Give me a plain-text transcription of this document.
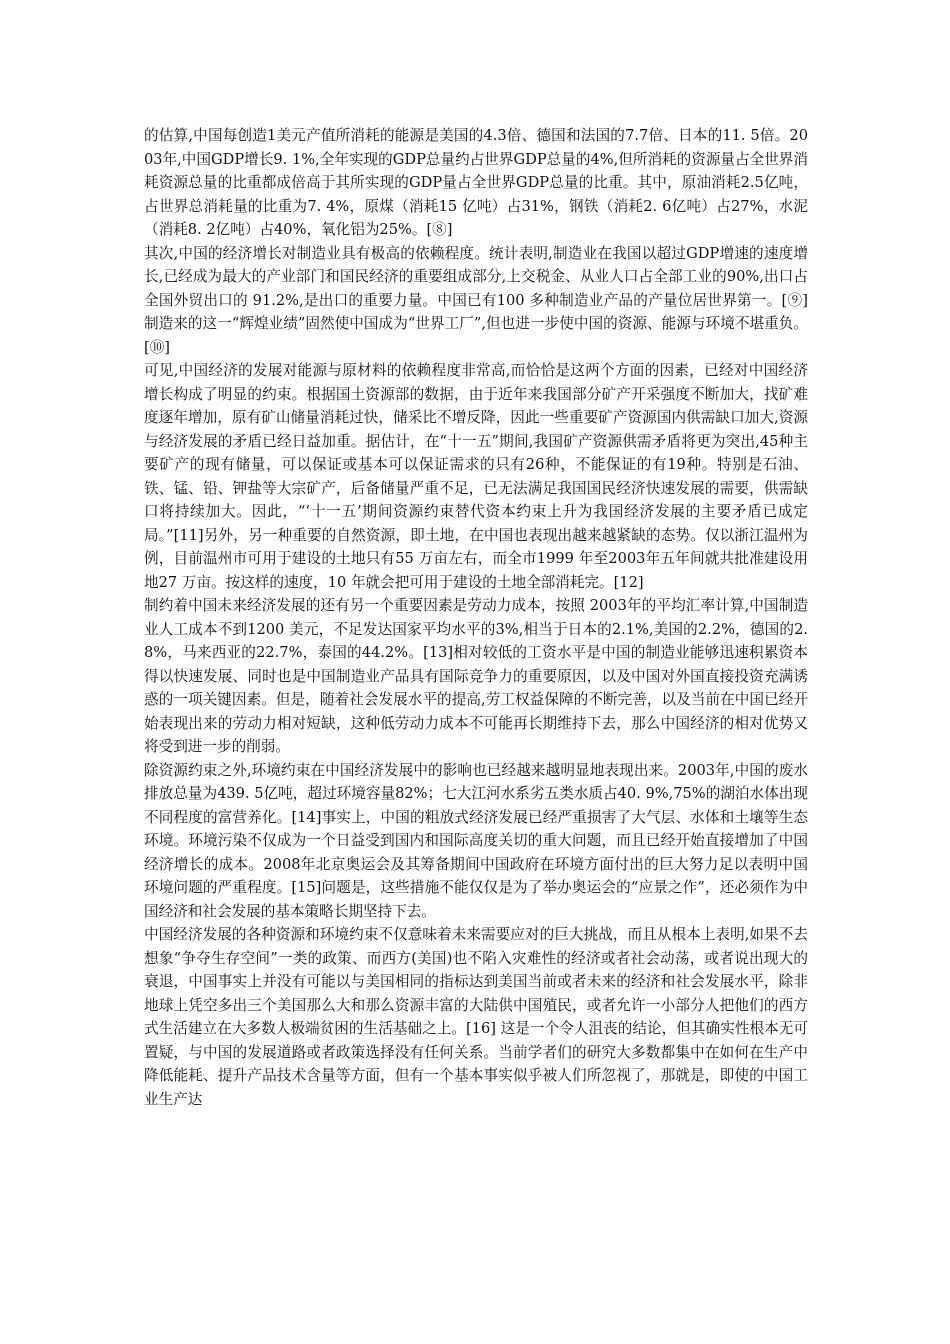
的估算,中国每创造1美元产值所消耗的能源是美国的4.3倍、德国和法国的7.7倍、日本的11. 5倍。2003年,中国GDP增长9. 1%,全年实现的GDP总量约占世界GDP总量的4%,但所消耗的资源量占全世界消耗资源总量的比重都成倍高于其所实现的GDP量占全世界GDP总量的比重。其中，原油消耗2.5亿吨，占世界总消耗量的比重为7. 4%，原煤（消耗15 亿吨）占31%，钢铁（消耗2. 6亿吨）占27%，水泥（消耗8. 2亿吨）占40%，氧化铝为25%。[⑧]

其次,中国的经济增长对制造业具有极高的依赖程度。统计表明,制造业在我国以超过GDP增速的速度增长,已经成为最大的产业部门和国民经济的重要组成部分,上交税金、从业人口占全部工业的90%,出口占全国外贸出口的 91.2%,是出口的重要力量。中国已有100 多种制造业产品的产量位居世界第一。[⑨]制造来的这一“辉煌业绩”固然使中国成为“世界工厂”,但也进一步使中国的资源、能源与环境不堪重负。[⑩]

可见,中国经济的发展对能源与原材料的依赖程度非常高,而恰恰是这两个方面的因素，已经对中国经济增长构成了明显的约束。根据国土资源部的数据，由于近年来我国部分矿产开采强度不断加大，找矿难度逐年增加，原有矿山储量消耗过快，储采比不增反降，因此一些重要矿产资源国内供需缺口加大,资源与经济发展的矛盾已经日益加重。据估计，在“十一五”期间,我国矿产资源供需矛盾将更为突出,45种主要矿产的现有储量，可以保证或基本可以保证需求的只有26种，不能保证的有19种。特别是石油、铁、锰、铅、钾盐等大宗矿产，后备储量严重不足，已无法满足我国国民经济快速发展的需要，供需缺口将持续加大。因此，“‘十一五’期间资源约束替代资本约束上升为我国经济发展的主要矛盾已成定局。”[11]另外，另一种重要的自然资源，即土地，在中国也表现出越来越紧缺的态势。仅以浙江温州为例，目前温州市可用于建设的土地只有55 万亩左右，而全市1999 年至2003年五年间就共批准建设用地27 万亩。按这样的速度，10 年就会把可用于建设的土地全部消耗完。[12]

制约着中国未来经济发展的还有另一个重要因素是劳动力成本，按照 2003年的平均汇率计算,中国制造业人工成本不到1200 美元，不足发达国家平均水平的3%,相当于日本的2.1%,美国的2.2%，德国的2.8%，马来西亚的22.7%，泰国的44.2%。[13]相对较低的工资水平是中国的制造业能够迅速积累资本得以快速发展、同时也是中国制造业产品具有国际竞争力的重要原因，以及中国对外国直接投资充满诱惑的一项关键因素。但是，随着社会发展水平的提高,劳工权益保障的不断完善，以及当前在中国已经开始表现出来的劳动力相对短缺，这种低劳动力成本不可能再长期维持下去，那么中国经济的相对优势又将受到进一步的削弱。

除资源约束之外,环境约束在中国经济发展中的影响也已经越来越明显地表现出来。2003年,中国的废水排放总量为439. 5亿吨，超过环境容量82%；七大江河水系劣五类水质占40. 9%,75%的湖泊水体出现不同程度的富营养化。[14]事实上，中国的粗放式经济发展已经严重损害了大气层、水体和土壤等生态环境。环境污染不仅成为一个日益受到国内和国际高度关切的重大问题，而且已经开始直接增加了中国经济增长的成本。2008年北京奥运会及其筹备期间中国政府在环境方面付出的巨大努力足以表明中国环境问题的严重程度。[15]问题是，这些措施不能仅仅是为了举办奥运会的“应景之作”，还必须作为中国经济和社会发展的基本策略长期坚持下去。

中国经济发展的各种资源和环境约束不仅意味着未来需要应对的巨大挑战，而且从根本上表明,如果不去想象“争夺生存空间”一类的政策、而西方(美国)也不陷入灾难性的经济或者社会动荡，或者说出现大的衰退，中国事实上并没有可能以与美国相同的指标达到美国当前或者未来的经济和社会发展水平，除非地球上凭空多出三个美国那么大和那么资源丰富的大陆供中国殖民，或者允许一小部分人把他们的西方式生活建立在大多数人极端贫困的生活基础之上。[16] 这是一个令人沮丧的结论，但其确实性根本无可置疑，与中国的发展道路或者政策选择没有任何关系。当前学者们的研究大多数都集中在如何在生产中降低能耗、提升产品技术含量等方面，但有一个基本事实似乎被人们所忽视了，那就是，即使的中国工业生产达
